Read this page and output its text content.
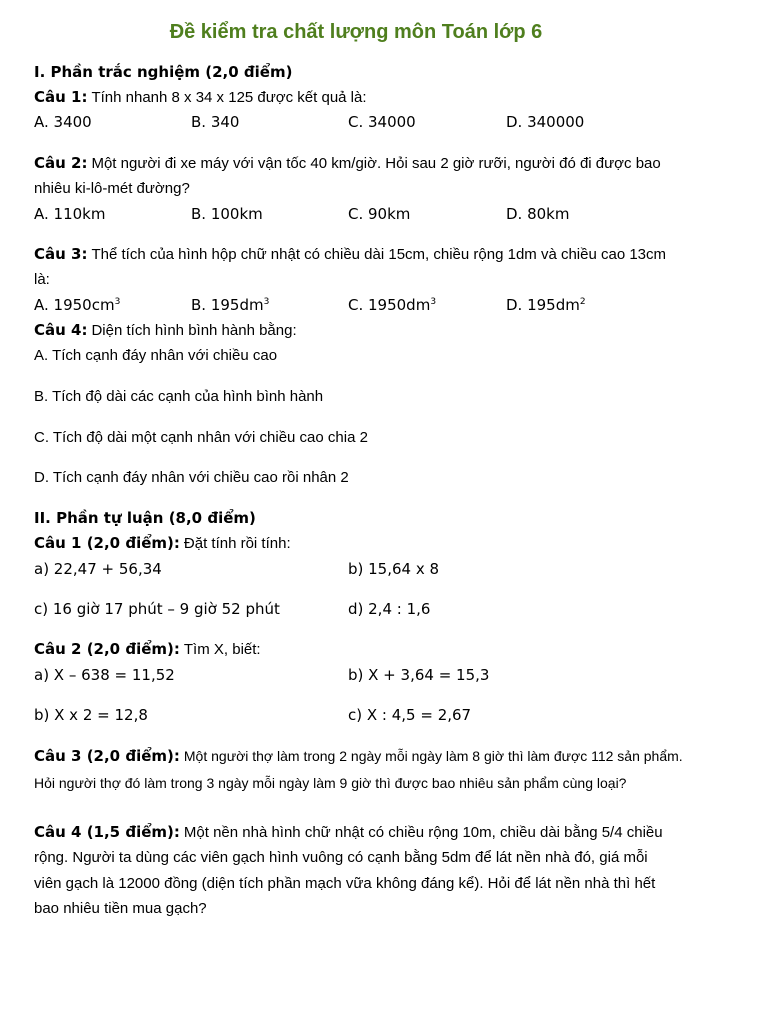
Đề kiểm tra chất lượng môn Toán lớp 6
I. Phần trắc nghiệm (2,0 điểm)
Câu 1: Tính nhanh 8 x 34 x 125 được kết quả là:
A. 3400	B. 340	C. 34000	D. 340000
Câu 2: Một người đi xe máy với vận tốc 40 km/giờ. Hỏi sau 2 giờ rưỡi, người đó đi được bao
nhiêu ki-lô-mét đường?
A. 110km	B. 100km	C. 90km	D. 80km
Câu 3: Thể tích của hình hộp chữ nhật có chiều dài 15cm, chiều rộng 1dm và chiều cao 13cm
là:
A. $1950cm^3$	B. $195dm^3$	C. $1950dm^3$	D. $195dm^2$
Câu 4: Diện tích hình bình hành bằng:
A. Tích cạnh đáy nhân với chiều cao
B. Tích độ dài các cạnh của hình bình hành
C. Tích độ dài một cạnh nhân với chiều cao chia 2
D. Tích cạnh đáy nhân với chiều cao rồi nhân 2
II. Phần tự luận (8,0 điểm)
Câu 1 (2,0 điểm): Đặt tính rồi tính:
a) 22,47 + 56,34	b) 15,64 x 8
c) 16 giờ 17 phút – 9 giờ 52 phút	d) 2,4 : 1,6
Câu 2 (2,0 điểm): Tìm X, biết:
a) X – 638 = 11,52	b) X + 3,64 = 15,3
b) X x 2 = 12,8	c) X : 4,5 = 2,67
Câu 3 (2,0 điểm): Một người thợ làm trong 2 ngày mỗi ngày làm 8 giờ thì làm được 112 sản phẩm.
Hỏi người thợ đó làm trong 3 ngày mỗi ngày làm 9 giờ thì được bao nhiêu sản phẩm cùng loại?
Câu 4 (1,5 điểm): Một nền nhà hình chữ nhật có chiều rộng 10m, chiều dài bằng 5/4 chiều
rộng. Người ta dùng các viên gạch hình vuông có cạnh bằng 5dm để lát nền nhà đó, giá mỗi
viên gạch là 12000 đồng (diện tích phần mạch vữa không đáng kể). Hỏi để lát nền nhà thì hết
bao nhiêu tiền mua gạch?
